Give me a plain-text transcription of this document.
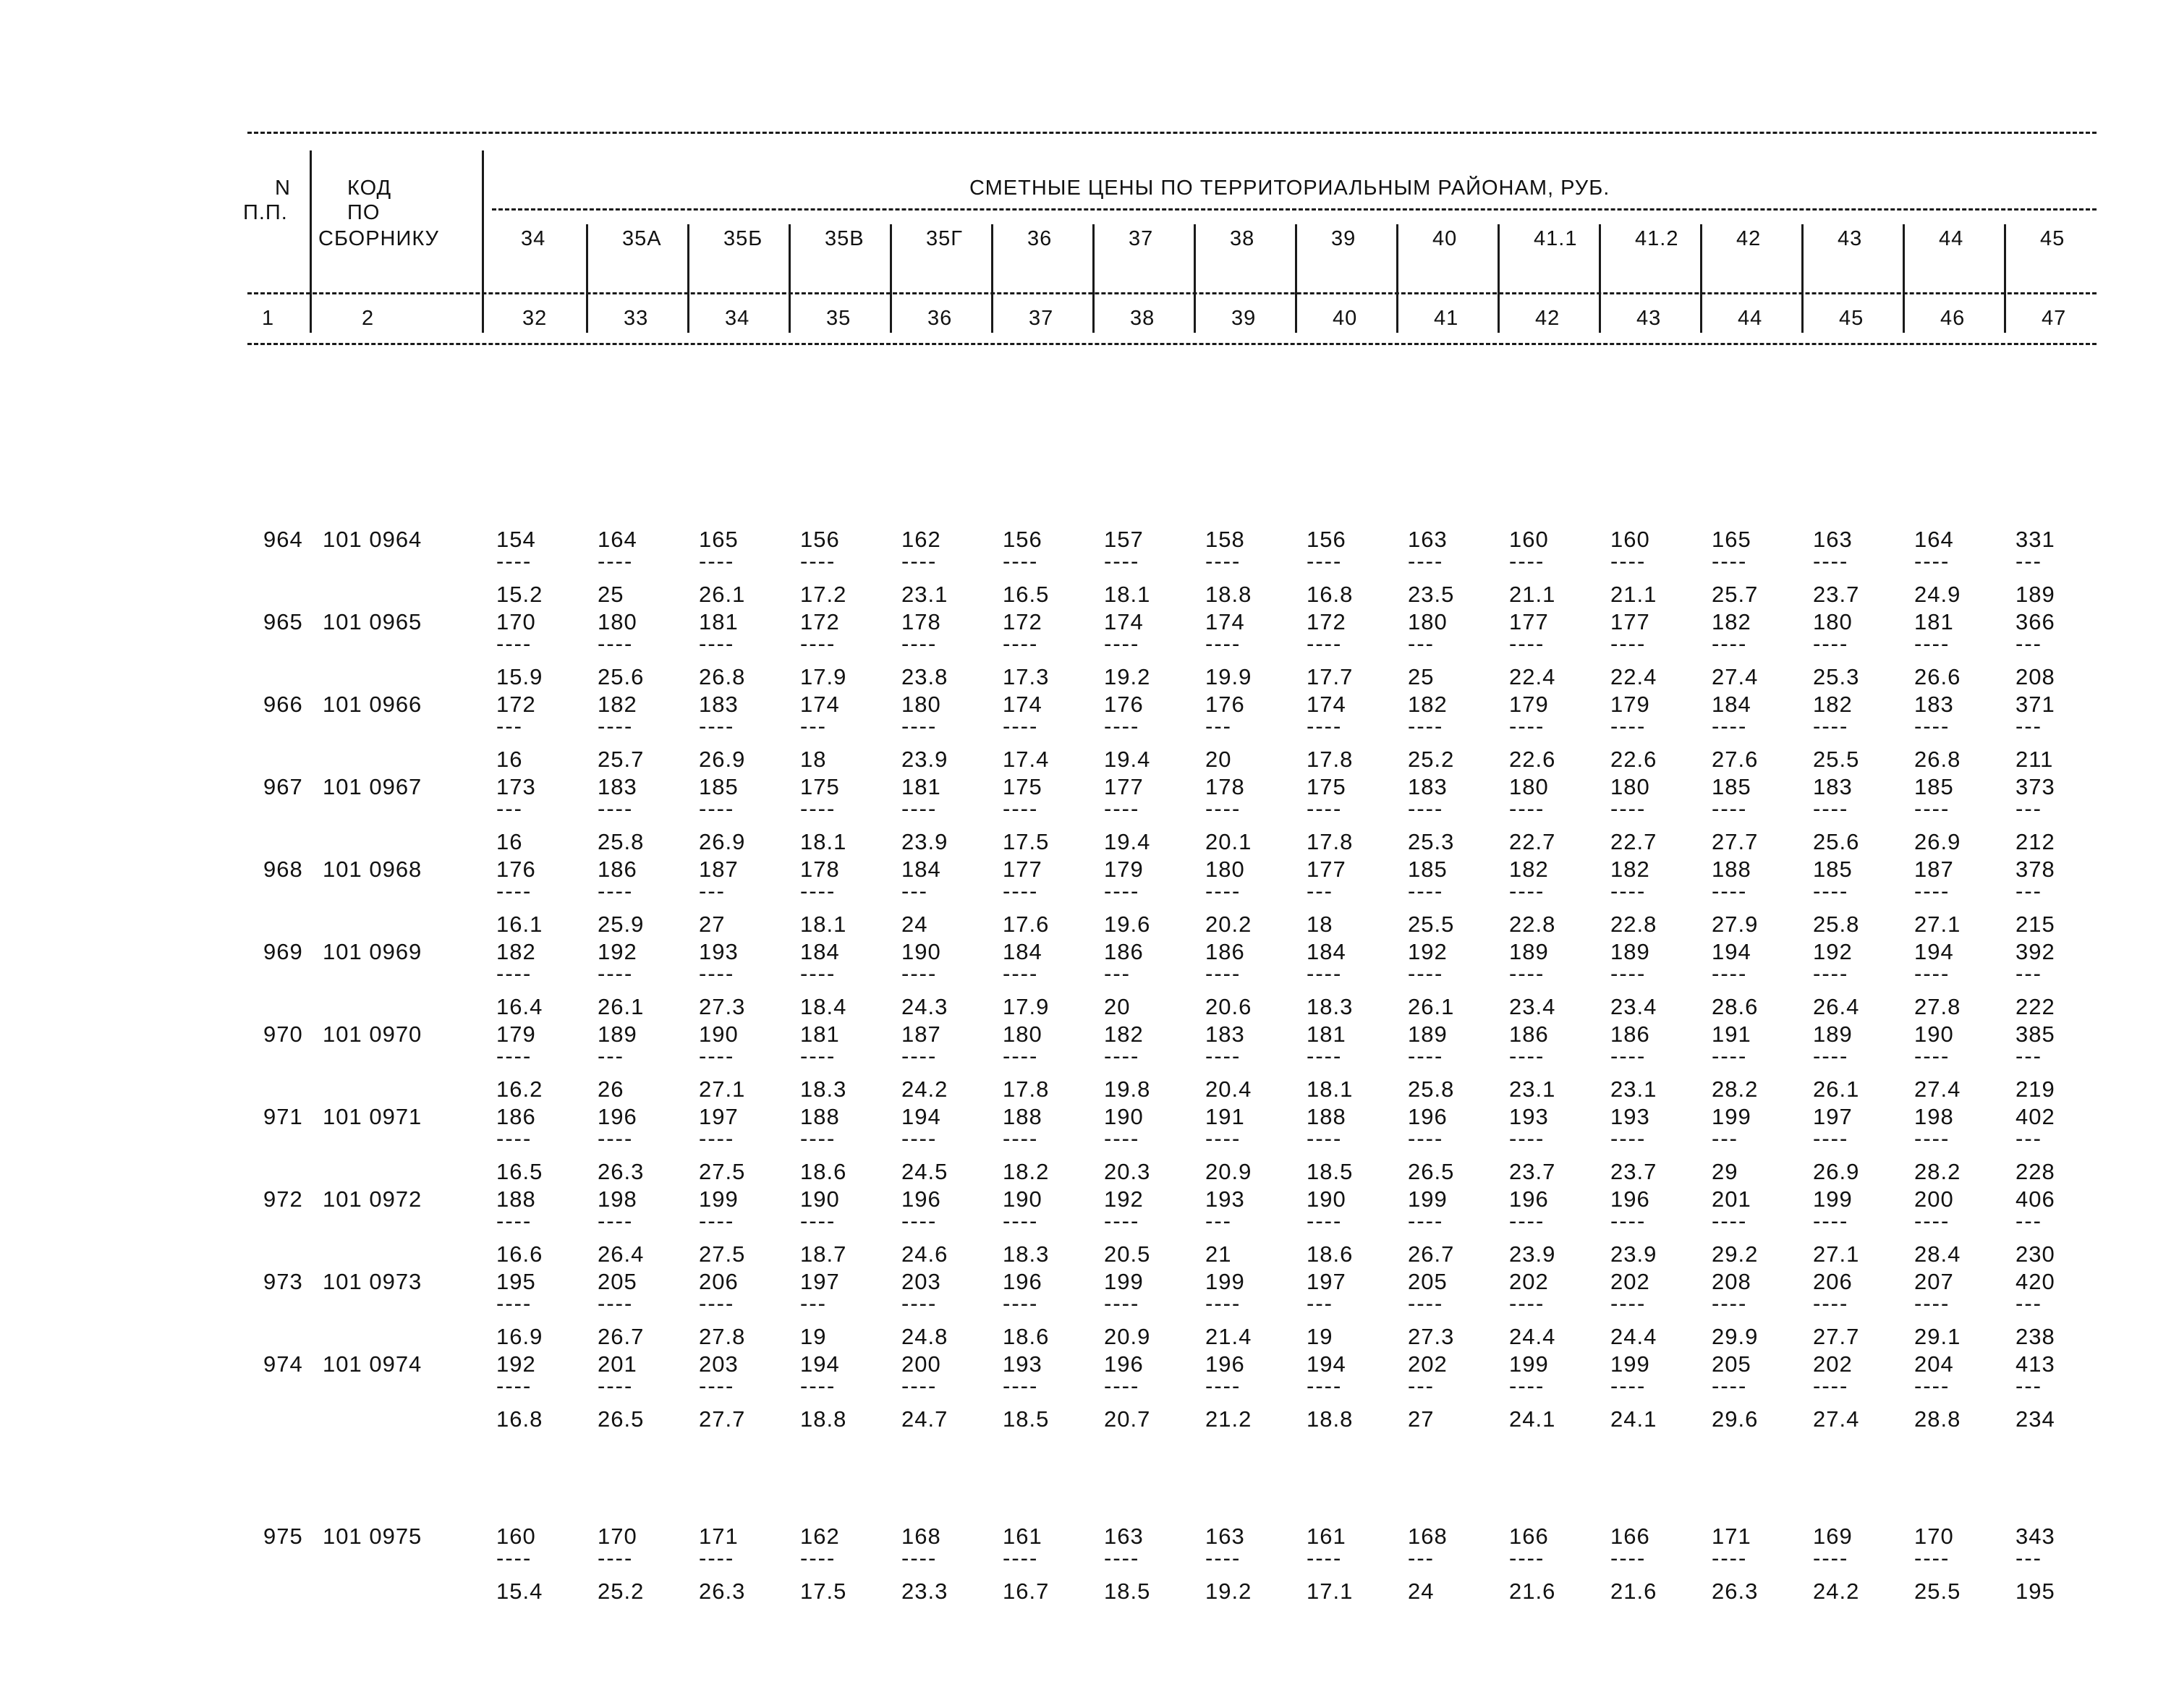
N
П.П.
КОД
ПО
СБОРНИКУ
СМЕТНЫЕ ЦЕНЫ ПО ТЕРРИТОРИАЛЬНЫМ РАЙОНАМ, РУБ.
34	35А	35Б	35В	35Г	36	37	38	39	40	41.1	41.2	42	43	44	45
1	2	32	33	34	35	36	37	38	39	40	41	42	43	44	45	46	47
964 101 0964	154	164	165	156	162	156	157	158	156	163	160	160	165	163	164	331
----	----	----	----	----	----	----	----	----	----	----	----	----	----	----	---
15.2 25	26.1 17.2 23.1 16.5 18.1 18.8 16.8 23.5 21.1 21.1 25.7 23.7 24.9 189
965 101 0965	170	180	181	172	178	172	174	174	172	180	177	177	182	180	181	366
----	----	----	----	----	----	----	----	----	---	----	----	----	----	----	---
15.9 25.6 26.8 17.9 23.8 17.3 19.2 19.9 17.7 25	22.4 22.4 27.4 25.3 26.6 208
966 101 0966	172	182	183	174	180	174	176	176	174	182	179	179	184	182	183	371
---	----	----	---	----	----	----	---	----	----	----	----	----	----	----	---
16	25.7 26.9 18	23.9 17.4 19.4 20	17.8 25.2 22.6 22.6 27.6 25.5 26.8 211
967 101 0967	173	183	185	175	181	175	177	178	175	183	180	180	185	183	185	373
---	----	----	----	----	----	----	----	----	----	----	----	----	----	----	---
16	25.8 26.9 18.1 23.9 17.5 19.4 20.1 17.8 25.3 22.7 22.7 27.7 25.6 26.9 212
968 101 0968	176	186	187	178	184	177	179	180	177	185	182	182	188	185	187	378
----	----	---	----	---	----	----	----	---	----	----	----	----	----	----	---
16.1 25.9 27	18.1 24	17.6 19.6 20.2 18	25.5 22.8 22.8 27.9 25.8 27.1 215
969 101 0969	182	192	193	184	190	184	186	186	184	192	189	189	194	192	194	392
----	----	----	----	----	----	---	----	----	----	----	----	----	----	----	---
16.4 26.1 27.3 18.4 24.3 17.9 20	20.6 18.3 26.1 23.4 23.4 28.6 26.4 27.8 222
970 101 0970	179	189	190	181	187	180	182	183	181	189	186	186	191	189	190	385
----	---	----	----	----	----	----	----	----	----	----	----	----	----	----	---
16.2 26	27.1 18.3 24.2 17.8 19.8 20.4 18.1 25.8 23.1 23.1 28.2 26.1 27.4 219
971 101 0971	186	196	197	188	194	188	190	191	188	196	193	193	199	197	198	402
----	----	----	----	----	----	----	----	----	----	----	----	---	----	----	---
16.5 26.3 27.5 18.6 24.5 18.2 20.3 20.9 18.5 26.5 23.7 23.7 29	26.9 28.2 228
972 101 0972	188	198	199	190	196	190	192	193	190	199	196	196	201	199	200	406
----	----	----	----	----	----	----	---	----	----	----	----	----	----	----	---
16.6 26.4 27.5 18.7 24.6 18.3 20.5 21	18.6 26.7 23.9 23.9 29.2 27.1 28.4 230
973 101 0973	195	205	206	197	203	196	199	199	197	205	202	202	208	206	207	420
----	----	----	---	----	----	----	----	---	----	----	----	----	----	----	---
16.9 26.7 27.8 19	24.8 18.6 20.9 21.4 19	27.3 24.4 24.4 29.9 27.7 29.1 238
974 101 0974	192	201	203	194	200	193	196	196	194	202	199	199	205	202	204	413
----	----	----	----	----	----	----	----	----	---	----	----	----	----	----	---
16.8 26.5 27.7 18.8 24.7 18.5 20.7 21.2 18.8 27	24.1 24.1 29.6 27.4 28.8 234
975 101 0975	160	170	171	162	168	161	163	163	161	168	166	166	171	169	170	343
----	----	----	----	----	----	----	----	----	---	----	----	----	----	----	---
15.4 25.2 26.3 17.5 23.3 16.7 18.5 19.2 17.1 24	21.6 21.6 26.3 24.2 25.5 195
